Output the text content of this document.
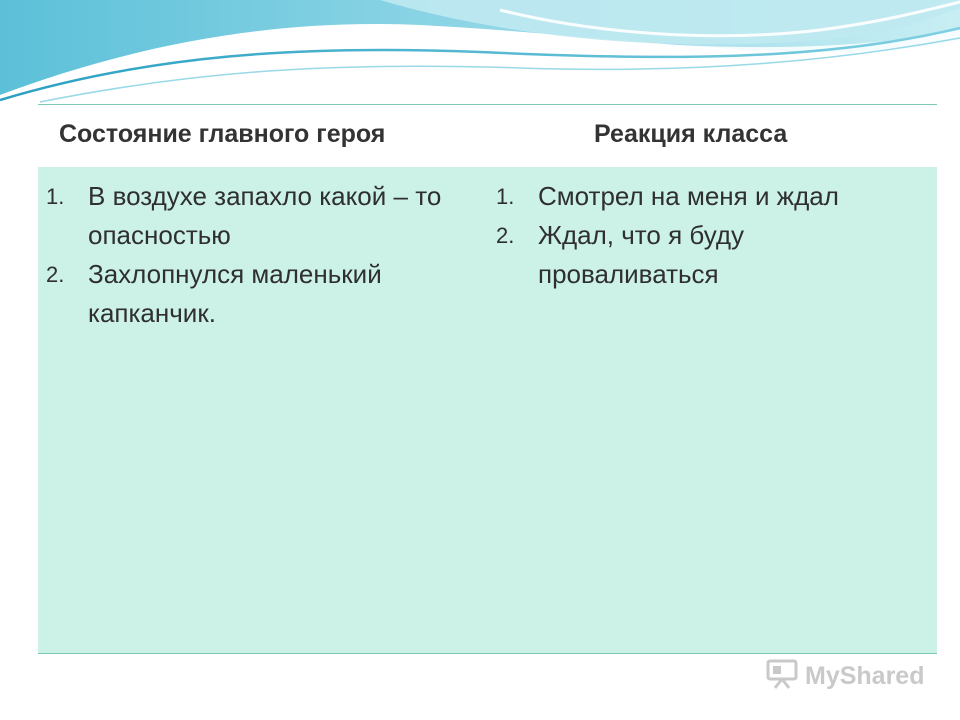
Состояние главного героя	Реакция класса
1. В воздухе запахло какой – то опасностью
2. Захлопнулся маленький капканчик.
1. Смотрел на меня и ждал
2. Ждал, что я буду проваливаться
MyShared
